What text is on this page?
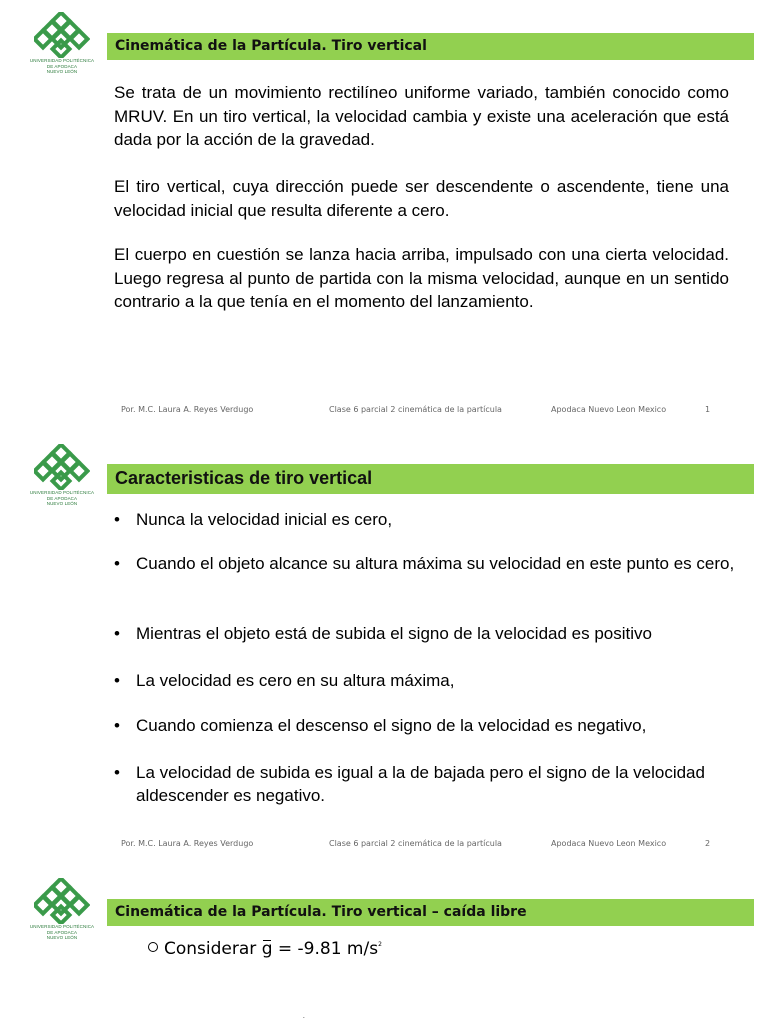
UNIVERSIDAD POLITÉCNICA
DE APODACA
NUEVO LEÓN
Cinemática de la Partícula. Tiro vertical

Se trata de un movimiento rectilíneo uniforme variado, también conocido como MRUV. En un tiro vertical, la velocidad cambia y existe una aceleración que está dada por la acción de la gravedad.

El tiro vertical, cuya dirección puede ser descendente o ascendente, tiene una velocidad inicial que resulta diferente a cero.

El cuerpo en cuestión se lanza hacia arriba, impulsado con una cierta velocidad. Luego regresa al punto de partida con la misma velocidad, aunque en un sentido contrario a la que tenía en el momento del lanzamiento.

Por. M.C. Laura A. Reyes Verdugo	Clase 6 parcial 2 cinemática de la partícula	Apodaca Nuevo Leon Mexico	1
UNIVERSIDAD POLITÉCNICA
DE APODACA
NUEVO LEÓN
Caracteristicas de tiro vertical
• Nunca la velocidad inicial es cero,
• Cuando el objeto alcance su altura máxima su velocidad en este punto es cero,
• Mientras el objeto está de subida el signo de la velocidad es positivo
• La velocidad es cero en su altura máxima,
• Cuando comienza el descenso el signo de la velocidad es negativo,
• La velocidad de subida es igual a la de bajada pero el signo de la velocidad aldescender es negativo.
Por. M.C. Laura A. Reyes Verdugo	Clase 6 parcial 2 cinemática de la partícula	Apodaca Nuevo Leon Mexico	2
UNIVERSIDAD POLITÉCNICA
DE APODACA
NUEVO LEÓN
Cinemática de la Partícula. Tiro vertical – caída libre
Considerar g = -9.81 $m/s^2$
´
